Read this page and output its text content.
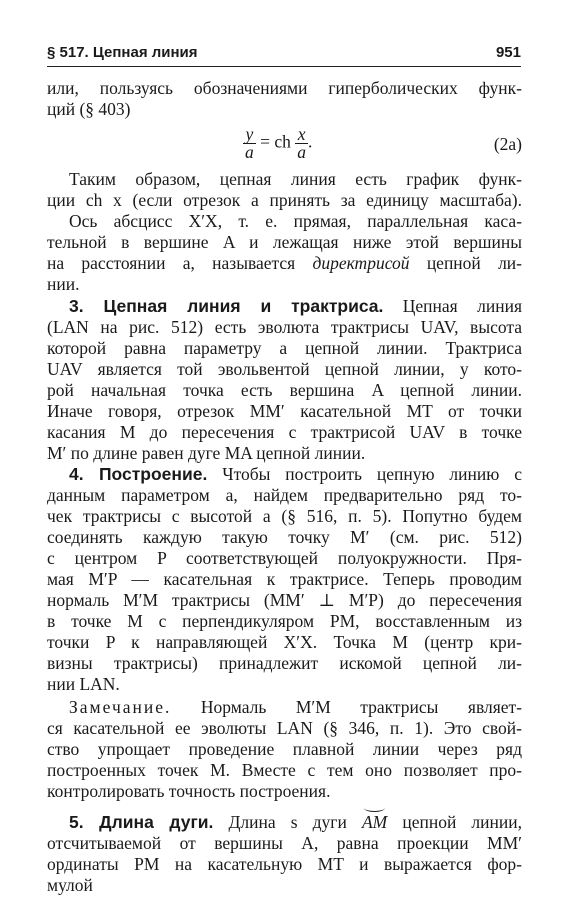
§ 517. Цепная линия	951
или, пользуясь обозначениями гиперболических функ-
ций (§ 403)
$\frac{y}{a}$ = ch $\frac{x}{a}$ .	(2a)
Таким образом, цепная линия есть график функ-
ции ch x (если отрезок a принять за единицу масштаба).
Ось абсцисс X′X, т. е. прямая, параллельная каса-
тельной в вершине A и лежащая ниже этой вершины
на расстоянии a, называется директрисой цепной ли-
нии.
3. Цепная линия и трактриса. Цепная линия
(LAN на рис. 512) есть эволюта трактрисы UAV, высота
которой равна параметру a цепной линии. Трактриса
UAV является той эвольвентой цепной линии, у кото-
рой начальная точка есть вершина A цепной линии.
Иначе говоря, отрезок MM′ касательной MT от точки
касания M до пересечения с трактрисой UAV в точке
M′ по длине равен дуге MA цепной линии.
4. Построение. Чтобы построить цепную линию с
данным параметром a, найдем предварительно ряд то-
чек трактрисы с высотой a (§ 516, п. 5). Попутно будем
соединять каждую такую точку M′ (см. рис. 512)
с центром P соответствующей полуокружности. Пря-
мая M′P — касательная к трактрисе. Теперь проводим
нормаль M′M трактрисы (MM′ ⊥ M′P) до пересечения
в точке M с перпендикуляром PM, восставленным из
точки P к направляющей X′X. Точка M (центр кри-
визны трактрисы) принадлежит искомой цепной ли-
нии LAN.
Замечание. Нормаль M′M трактрисы являет-
ся касательной ее эволюты LAN (§ 346, п. 1). Это свой-
ство упрощает проведение плавной линии через ряд
построенных точек M. Вместе с тем оно позволяет про-
контролировать точность построения.
5. Длина дуги. Длина s дуги AM цепной линии,
отсчитываемой от вершины A, равна проекции MM′
ординаты PM на касательную MT и выражается фор-
мулой
